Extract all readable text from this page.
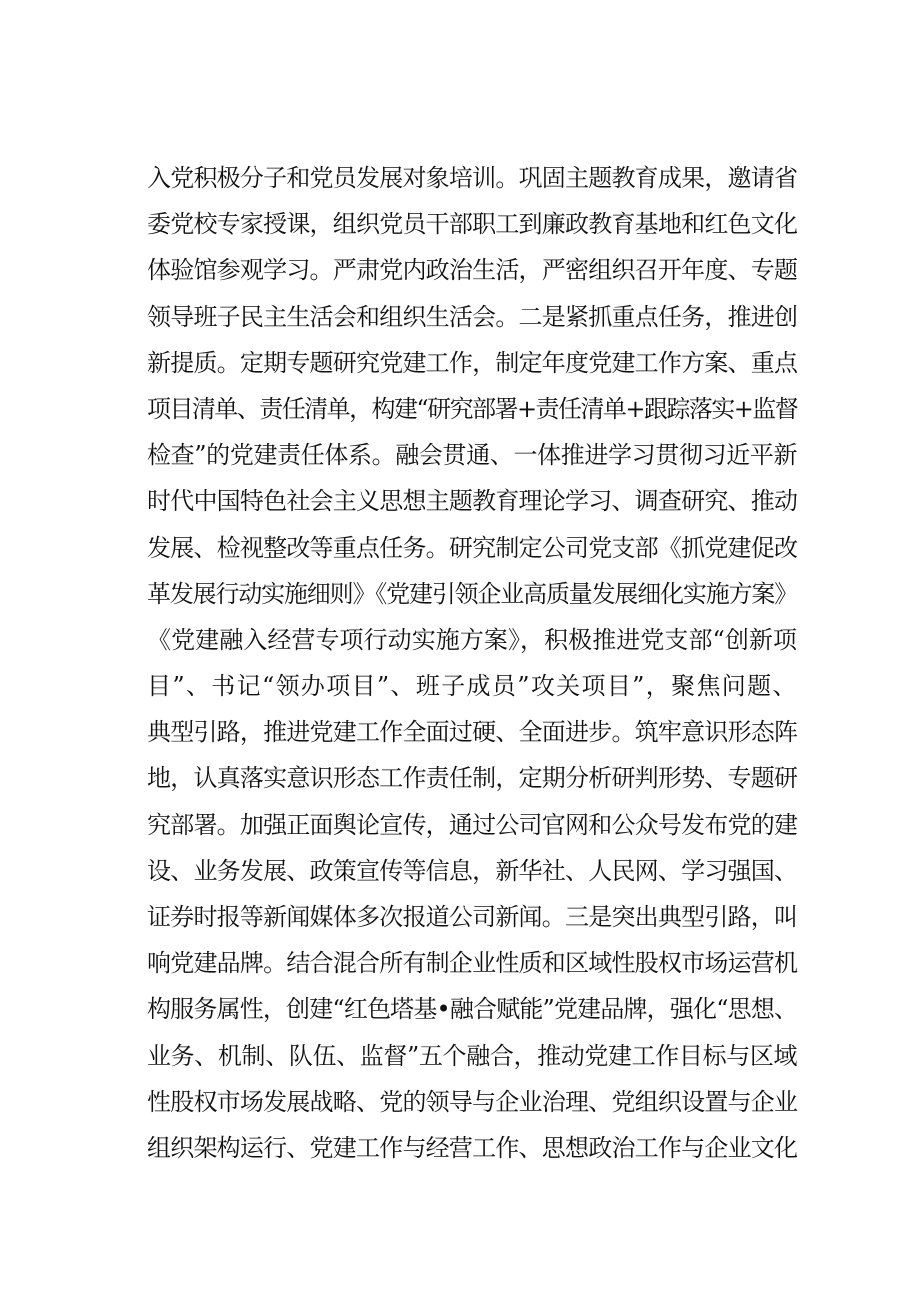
入党积极分子和党员发展对象培训。巩固主题教育成果，邀请省
委党校专家授课，组织党员干部职工到廉政教育基地和红色文化
体验馆参观学习。严肃党内政治生活，严密组织召开年度、专题
领导班子民主生活会和组织生活会。二是紧抓重点任务，推进创
新提质。定期专题研究党建工作，制定年度党建工作方案、重点
项目清单、责任清单，构建“研究部署+责任清单+跟踪落实+监督
检查”的党建责任体系。融会贯通、一体推进学习贯彻习近平新
时代中国特色社会主义思想主题教育理论学习、调查研究、推动
发展、检视整改等重点任务。研究制定公司党支部《抓党建促改
革发展行动实施细则》《党建引领企业高质量发展细化实施方案》
《党建融入经营专项行动实施方案》，积极推进党支部“创新项
目”、书记“领办项目”、班子成员”攻关项目”，聚焦问题、
典型引路，推进党建工作全面过硬、全面进步。筑牢意识形态阵
地，认真落实意识形态工作责任制，定期分析研判形势、专题研
究部署。加强正面舆论宣传，通过公司官网和公众号发布党的建
设、业务发展、政策宣传等信息，新华社、人民网、学习强国、
证券时报等新闻媒体多次报道公司新闻。三是突出典型引路，叫
响党建品牌。结合混合所有制企业性质和区域性股权市场运营机
构服务属性，创建“红色塔基•融合赋能”党建品牌，强化“思想、
业务、机制、队伍、监督”五个融合，推动党建工作目标与区域
性股权市场发展战略、党的领导与企业治理、党组织设置与企业
组织架构运行、党建工作与经营工作、思想政治工作与企业文化
